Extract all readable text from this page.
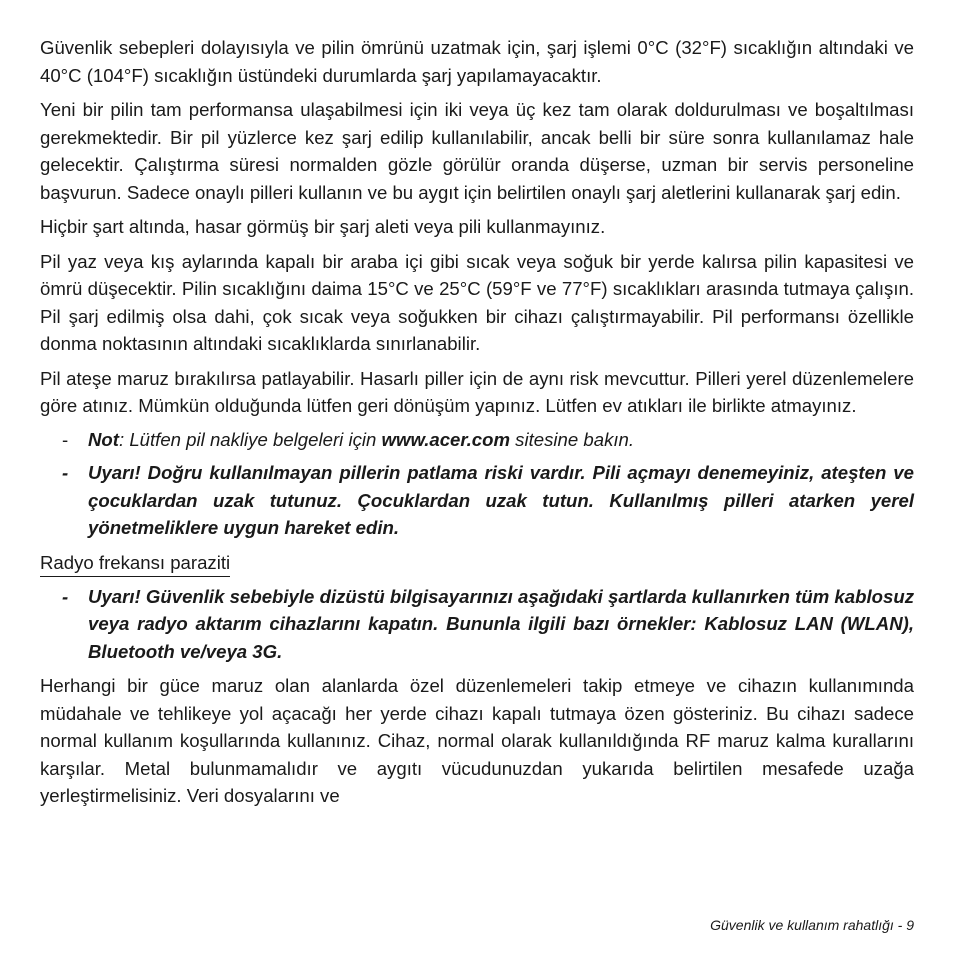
Güvenlik sebepleri dolayısıyla ve pilin ömrünü uzatmak için, şarj işlemi 0°C (32°F) sıcaklığın altındaki ve 40°C (104°F) sıcaklığın üstündeki durumlarda şarj yapılamayacaktır.

Yeni bir pilin tam performansa ulaşabilmesi için iki veya üç kez tam olarak doldurulması ve boşaltılması gerekmektedir. Bir pil yüzlerce kez şarj edilip kullanılabilir, ancak belli bir süre sonra kullanılamaz hale gelecektir. Çalıştırma süresi normalden gözle görülür oranda düşerse, uzman bir servis personeline başvurun. Sadece onaylı pilleri kullanın ve bu aygıt için belirtilen onaylı şarj aletlerini kullanarak şarj edin.

Hiçbir şart altında, hasar görmüş bir şarj aleti veya pili kullanmayınız.

Pil yaz veya kış aylarında kapalı bir araba içi gibi sıcak veya soğuk bir yerde kalırsa pilin kapasitesi ve ömrü düşecektir. Pilin sıcaklığını daima 15°C ve 25°C (59°F ve 77°F) sıcaklıkları arasında tutmaya çalışın. Pil şarj edilmiş olsa dahi, çok sıcak veya soğukken bir cihazı çalıştırmayabilir. Pil performansı özellikle donma noktasının altındaki sıcaklıklarda sınırlanabilir.

Pil ateşe maruz bırakılırsa patlayabilir. Hasarlı piller için de aynı risk mevcuttur. Pilleri yerel düzenlemelere göre atınız. Mümkün olduğunda lütfen geri dönüşüm yapınız. Lütfen ev atıkları ile birlikte atmayınız.

-	Not: Lütfen pil nakliye belgeleri için www.acer.com sitesine bakın.
-	Uyarı! Doğru kullanılmayan pillerin patlama riski vardır. Pili açmayı denemeyiniz, ateşten ve çocuklardan uzak tutunuz. Çocuklardan uzak tutun. Kullanılmış pilleri atarken yerel yönetmeliklere uygun hareket edin.
Radyo frekansı paraziti
-	Uyarı! Güvenlik sebebiyle dizüstü bilgisayarınızı aşağıdaki şartlarda kullanırken tüm kablosuz veya radyo aktarım cihazlarını kapatın. Bununla ilgili bazı örnekler: Kablosuz LAN (WLAN), Bluetooth ve/veya 3G.

Herhangi bir güce maruz olan alanlarda özel düzenlemeleri takip etmeye ve cihazın kullanımında müdahale ve tehlikeye yol açacağı her yerde cihazı kapalı tutmaya özen gösteriniz. Bu cihazı sadece normal kullanım koşullarında kullanınız. Cihaz, normal olarak kullanıldığında RF maruz kalma kurallarını karşılar. Metal bulunmamalıdır ve aygıtı vücudunuzdan yukarıda belirtilen mesafede uzağa yerleştirmelisiniz. Veri dosyalarını ve

Güvenlik ve kullanım rahatlığı - 9
